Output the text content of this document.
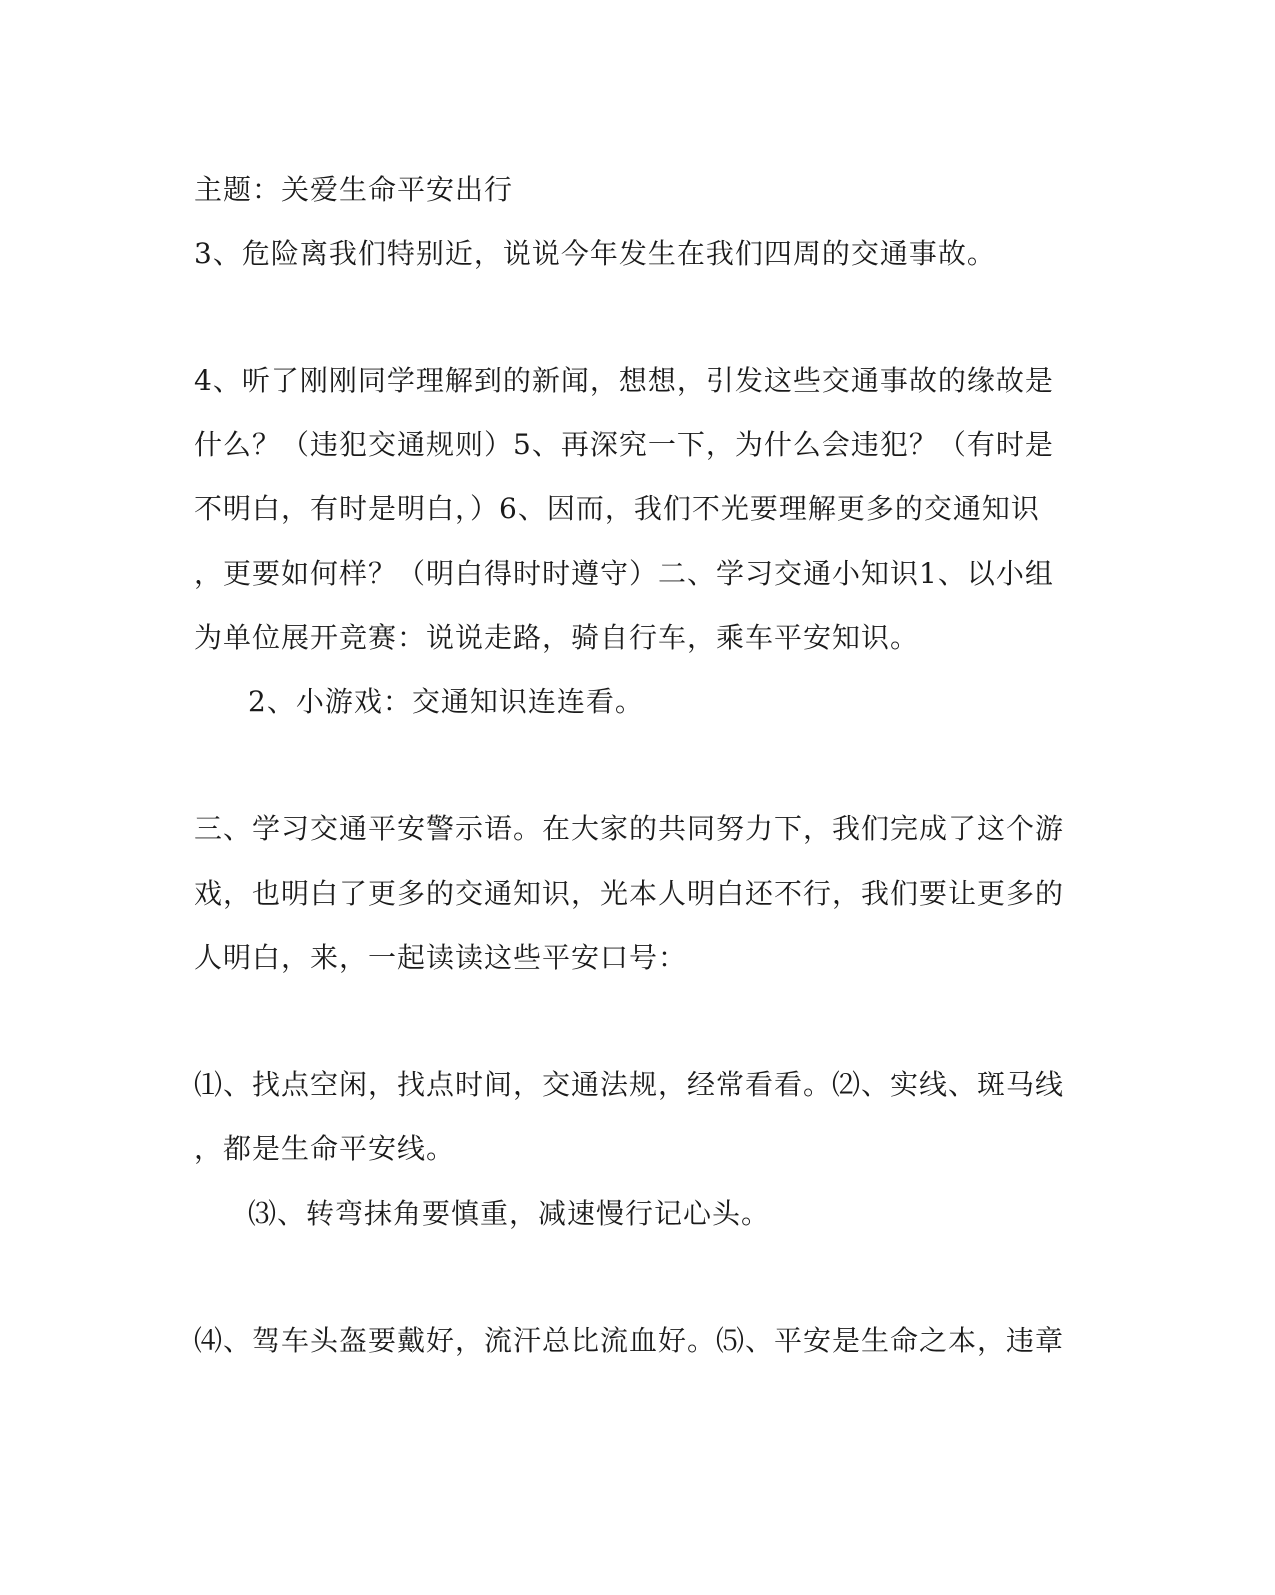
主题：关爱生命平安出行
3、危险离我们特别近，说说今年发生在我们四周的交通事故。
4、听了刚刚同学理解到的新闻，想想，引发这些交通事故的缘故是
什么？（违犯交通规则）5、再深究一下，为什么会违犯？（有时是
不明白，有时是明白，）6、因而，我们不光要理解更多的交通知识
，更要如何样？（明白得时时遵守）二、学习交通小知识1、以小组
为单位展开竞赛：说说走路，骑自行车，乘车平安知识。
2、小游戏：交通知识连连看。
三、学习交通平安警示语。在大家的共同努力下，我们完成了这个游
戏，也明白了更多的交通知识，光本人明白还不行，我们要让更多的
人明白，来，一起读读这些平安口号：
⑴、找点空闲，找点时间，交通法规，经常看看。⑵、实线、斑马线
，都是生命平安线。
⑶、转弯抹角要慎重，减速慢行记心头。
⑷、驾车头盔要戴好，流汗总比流血好。⑸、平安是生命之本，违章
